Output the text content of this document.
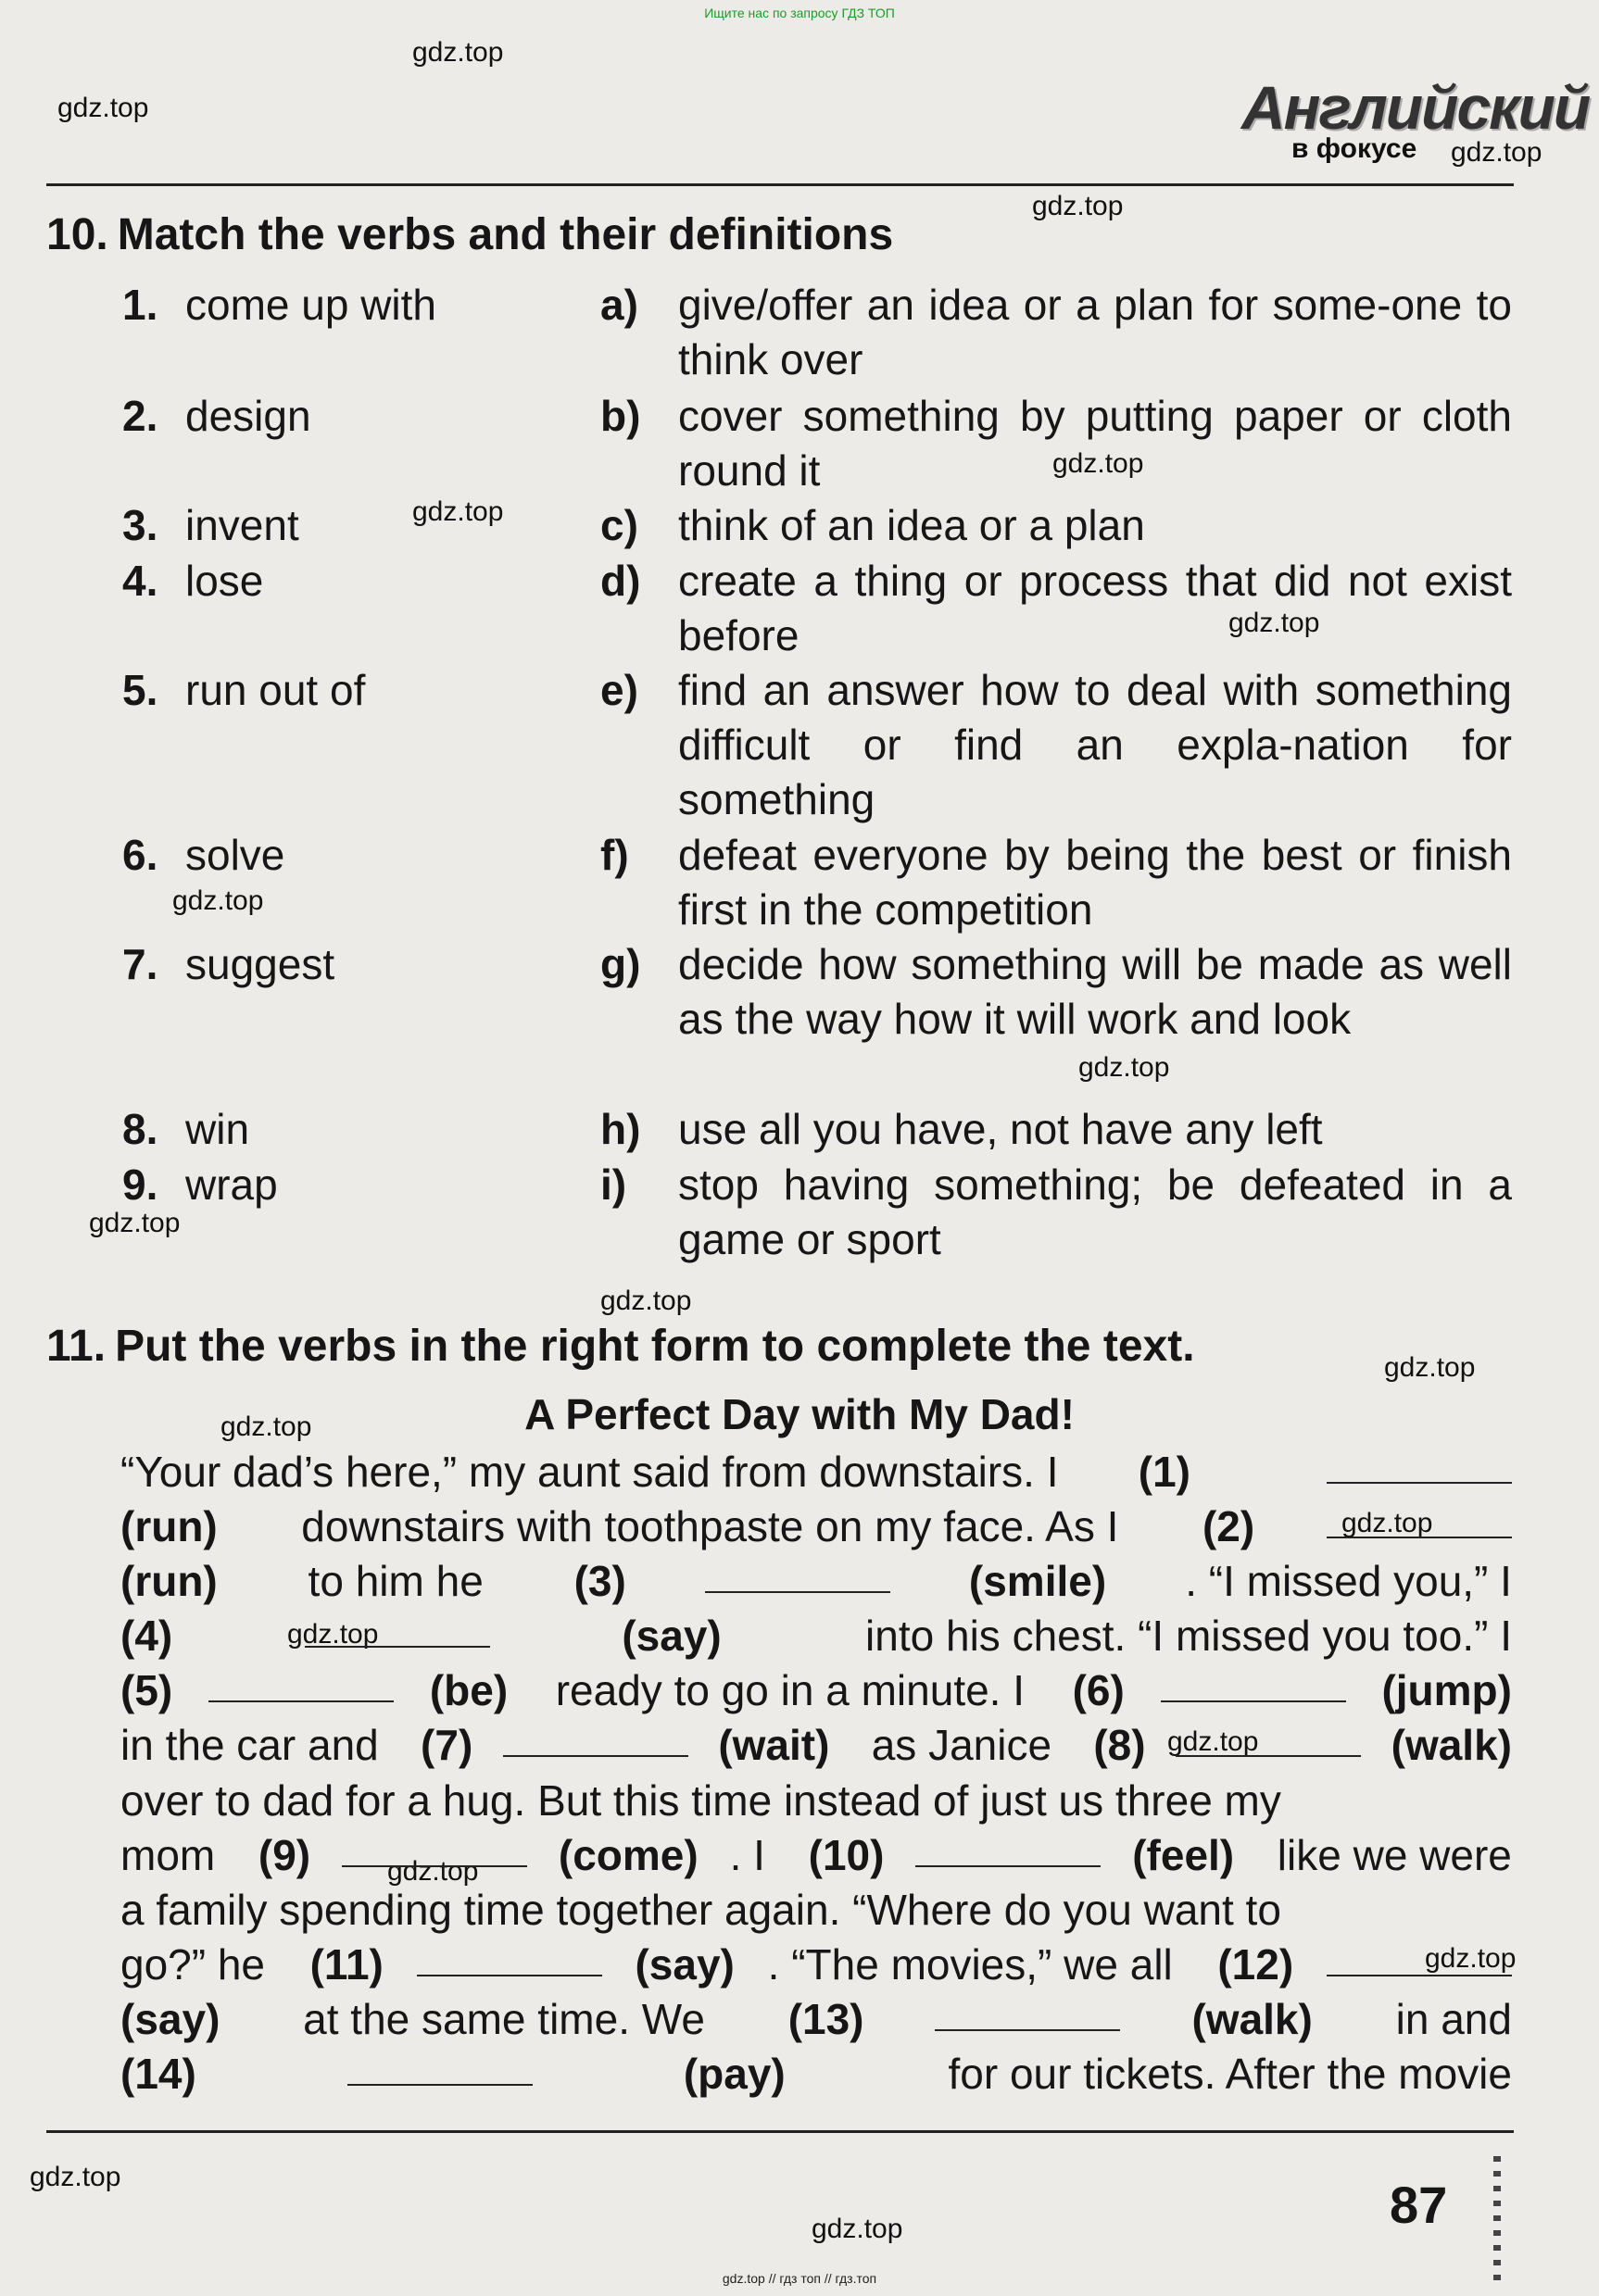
Ищите нас по запросу ГДЗ ТОП
gdz.top
gdz.top
gdz.top
gdz.top
gdz.top
gdz.top
gdz.top
gdz.top
gdz.top
gdz.top
gdz.top
gdz.top
gdz.top
gdz.top
gdz.top
gdz.top
gdz.top
gdz.top
gdz.top
gdz.top
Английский
в фокусе
10. Match the verbs and their definitions
1. come up with	a) give/offer an idea or a plan for some-one to think over
2. design	b) cover something by putting paper or cloth round it
3. invent	c) think of an idea or a plan
4. lose	d) create a thing or process that did not exist before
5. run out of	e) find an answer how to deal with something difficult or find an expla-nation for something
6. solve	f) defeat everyone by being the best or finish first in the competition
7. suggest	g) decide how something will be made as well as the way how it will work and look
8. win	h) use all you have, not have any left
9. wrap	i) stop having something; be defeated in a game or sport
11. Put the verbs in the right form to complete the text.
A Perfect Day with My Dad!
“Your dad’s here,” my aunt said from downstairs. I (1)
(run) downstairs with toothpaste on my face. As I (2)
(run) to him he (3)	(smile) . “I missed you,” I
(4)	(say)	into his chest. “I missed you too.” I
(5)	(be) ready to go in a minute. I (6)	(jump)
in the car and (7)	(wait) as Janice (8)	(walk)
over to dad for a hug. But this time instead of just us three my
mom (9)	(come) . I (10)	(feel) like we were
a family spending time together again. “Where do you want to
go?” he (11)	(say) . “The movies,” we all (12)
(say) at the same time. We (13)	(walk) in and
(14)	(pay)	for our tickets. After the movie
87
gdz.top // гдз топ // гдз.топ
